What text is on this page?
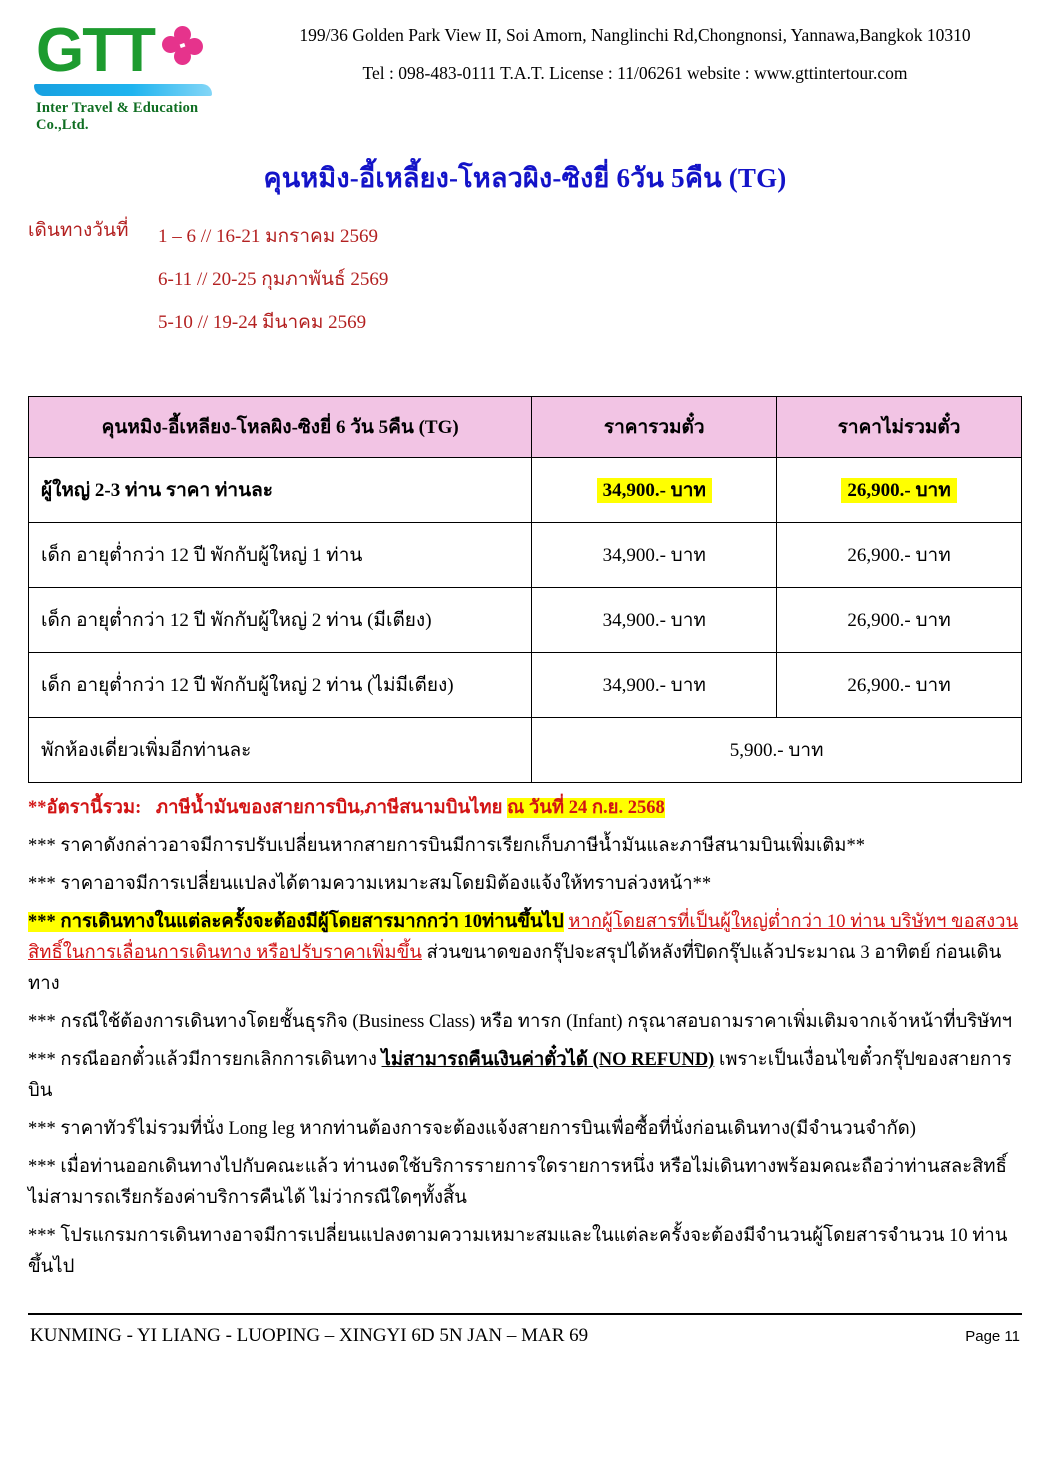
GTT
Inter Travel & Education Co.,Ltd.
199/36 Golden Park View II, Soi Amorn, Nanglinchi Rd,Chongnonsi, Yannawa,Bangkok 10310
Tel : 098-483-0111 T.A.T. License : 11/06261 website : www.gttintertour.com
คุนหมิง-อี้เหลี้ยง-โหลวผิง-ซิงยี่ 6วัน 5คืน (TG)
เดินทางวันที่ 1 – 6 // 16-21 มกราคม 2569
6-11 // 20-25 กุมภาพันธ์ 2569
5-10 // 19-24 มีนาคม 2569
คุนหมิง-อี้เหลียง-โหลผิง-ซิงยี่ 6 วัน 5คืน (TG)	ราคารวมตั๋ว	ราคาไม่รวมตั๋ว
ผู้ใหญ่ 2-3 ท่าน ราคา ท่านละ	34,900.- บาท	26,900.- บาท
เด็ก อายุต่ำกว่า 12 ปี พักกับผู้ใหญ่ 1 ท่าน	34,900.- บาท	26,900.- บาท
เด็ก อายุต่ำกว่า 12 ปี พักกับผู้ใหญ่ 2 ท่าน (มีเตียง)	34,900.- บาท	26,900.- บาท
เด็ก อายุต่ำกว่า 12 ปี พักกับผู้ใหญ่ 2 ท่าน (ไม่มีเตียง)	34,900.- บาท	26,900.- บาท
พักห้องเดี่ยวเพิ่มอีกท่านละ	5,900.- บาท	
**อัตรานี้รวม: ภาษีน้ำมันของสายการบิน,ภาษีสนามบินไทย ณ วันที่ 24 ก.ย. 2568
*** ราคาดังกล่าวอาจมีการปรับเปลี่ยนหากสายการบินมีการเรียกเก็บภาษีน้ำมันและภาษีสนามบินเพิ่มเติม**
*** ราคาอาจมีการเปลี่ยนแปลงได้ตามความเหมาะสมโดยมิต้องแจ้งให้ทราบล่วงหน้า**
*** การเดินทางในแต่ละครั้งจะต้องมีผู้โดยสารมากกว่า 10ท่านขึ้นไป หากผู้โดยสารที่เป็นผู้ใหญ่ต่ำกว่า 10 ท่าน บริษัทฯ ขอสงวนสิทธิ์ในการเลื่อนการเดินทาง หรือปรับราคาเพิ่มขึ้น ส่วนขนาดของกรุ๊ปจะสรุปได้หลังที่ปิดกรุ๊ปแล้วประมาณ 3 อาทิตย์ ก่อนเดินทาง
*** กรณีใช้ต้องการเดินทางโดยชั้นธุรกิจ (Business Class) หรือ ทารก (Infant) กรุณาสอบถามราคาเพิ่มเติมจากเจ้าหน้าที่บริษัทฯ
*** กรณีออกตั๋วแล้วมีการยกเลิกการเดินทาง ไม่สามารถคืนเงินค่าตั๋วได้ (NO REFUND) เพราะเป็นเงื่อนไขตั๋วกรุ๊ปของสายการบิน
*** ราคาทัวร์ไม่รวมที่นั่ง Long leg หากท่านต้องการจะต้องแจ้งสายการบินเพื่อซื้อที่นั่งก่อนเดินทาง(มีจำนวนจำกัด)
*** เมื่อท่านออกเดินทางไปกับคณะแล้ว ท่านงดใช้บริการรายการใดรายการหนึ่ง หรือไม่เดินทางพร้อมคณะถือว่าท่านสละสิทธิ์ไม่สามารถเรียกร้องค่าบริการคืนได้ ไม่ว่ากรณีใดๆทั้งสิ้น
*** โปรแกรมการเดินทางอาจมีการเปลี่ยนแปลงตามความเหมาะสมและในแต่ละครั้งจะต้องมีจำนวนผู้โดยสารจำนวน 10 ท่านขึ้นไป
KUNMING - YI LIANG - LUOPING – XINGYI 6D 5N JAN – MAR 69	Page 11
